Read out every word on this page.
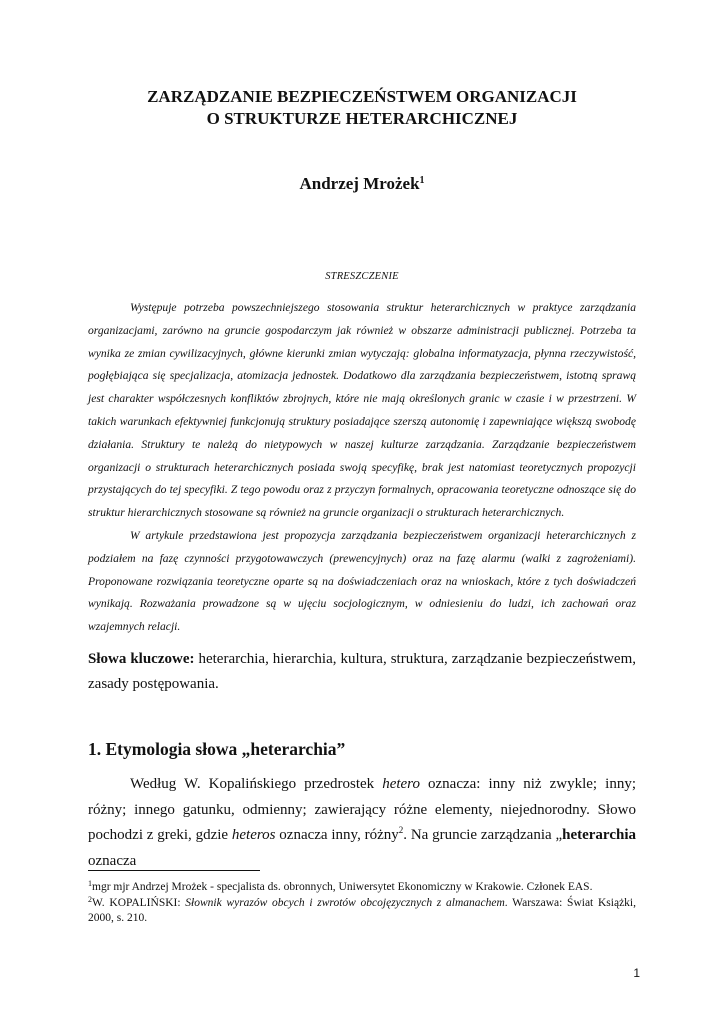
ZARZĄDZANIE BEZPIECZEŃSTWEM ORGANIZACJI
O STRUKTURZE HETERARCHICZNEJ
Andrzej Mrożek$^1$
STRESZCZENIE

Występuje potrzeba powszechniejszego stosowania struktur heterarchicznych w praktyce zarządzania organizacjami, zarówno na gruncie gospodarczym jak również w obszarze administracji publicznej. Potrzeba ta wynika ze zmian cywilizacyjnych, główne kierunki zmian wytyczają: globalna informatyzacja, płynna rzeczywistość, pogłębiająca się specjalizacja, atomizacja jednostek. Dodatkowo dla zarządzania bezpieczeństwem, istotną sprawą jest charakter współczesnych konfliktów zbrojnych, które nie mają określonych granic w czasie i w przestrzeni. W takich warunkach efektywniej funkcjonują struktury posiadające szerszą autonomię i zapewniające większą swobodę działania. Struktury te należą do nietypowych w naszej kulturze zarządzania. Zarządzanie bezpieczeństwem organizacji o strukturach heterarchicznych posiada swoją specyfikę, brak jest natomiast teoretycznych propozycji przystających do tej specyfiki. Z tego powodu oraz z przyczyn formalnych, opracowania teoretyczne odnoszące się do struktur hierarchicznych stosowane są również na gruncie organizacji o strukturach heterarchicznych.

W artykule przedstawiona jest propozycja zarządzania bezpieczeństwem organizacji heterarchicznych z podziałem na fazę czynności przygotowawczych (prewencyjnych) oraz na fazę alarmu (walki z zagrożeniami). Proponowane rozwiązania teoretyczne oparte są na doświadczeniach oraz na wnioskach, które z tych doświadczeń wynikają. Rozważania prowadzone są w ujęciu socjologicznym, w odniesieniu do ludzi, ich zachowań oraz wzajemnych relacji.

Słowa kluczowe: heterarchia, hierarchia, kultura, struktura, zarządzanie bezpieczeństwem, zasady postępowania.
1. Etymologia słowa „heterarchia”

Według W. Kopalińskiego przedrostek hetero oznacza: inny niż zwykle; inny; różny; innego gatunku, odmienny; zawierający różne elementy, niejednorodny. Słowo pochodzi z greki, gdzie heteros oznacza inny, różny$^2$. Na gruncie zarządzania „heterarchia oznacza

$^1$mgr mjr Andrzej Mrożek - specjalista ds. obronnych, Uniwersytet Ekonomiczny w Krakowie. Członek EAS.

$^2$W. KOPALIŃSKI: Słownik wyrazów obcych i zwrotów obcojęzycznych z almanachem. Warszawa: Świat Książki, 2000, s. 210.

1
